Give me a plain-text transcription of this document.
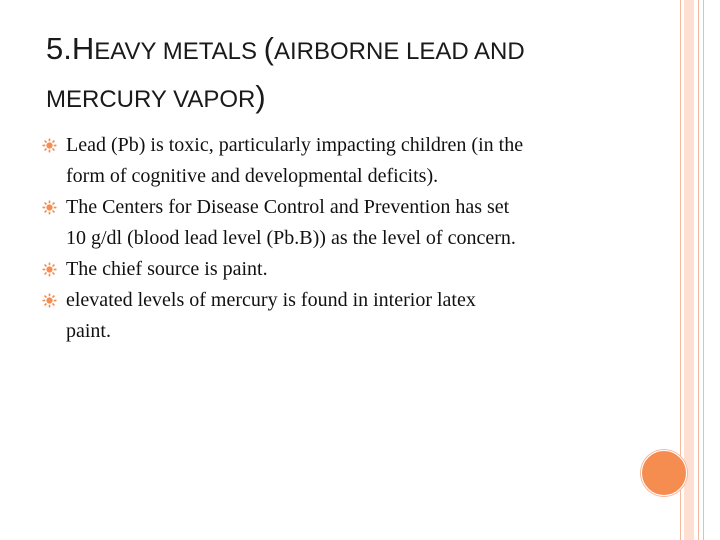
5.HEAVY METALS (AIRBORNE LEAD AND
MERCURY VAPOR)
Lead (Pb) is toxic, particularly impacting children (in the
form of cognitive and developmental deficits).
The Centers for Disease Control and Prevention has set
10 g/dl (blood lead level (Pb.B)) as the level of concern.
The chief source is paint.
elevated levels of mercury is found in interior latex
paint.
